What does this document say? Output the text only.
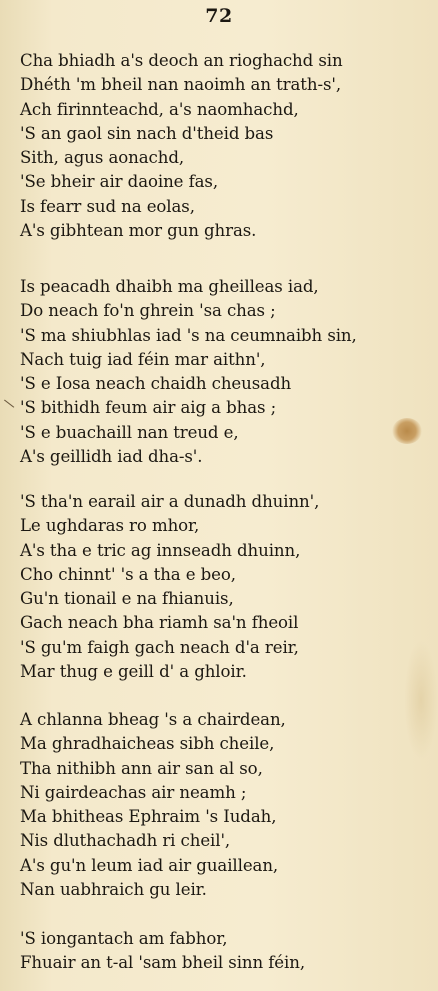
\
72
Cha bhiadh a's deoch an rioghachd sin
Dhéth 'm bheil nan naoimh an trath-s',
Ach firinnteachd, a's naomhachd,
'S an gaol sin nach d'theid bas
Sith, agus aonachd,
'Se bheir air daoine fas,
Is fearr sud na eolas,
A's gibhtean mor gun ghras.
Is peacadh dhaibh ma gheilleas iad,
Do neach fo'n ghrein 'sa chas ;
'S ma shiubhlas iad 's na ceumnaibh sin,
Nach tuig iad féin mar aithn',
'S e Iosa neach chaidh cheusadh
'S bithidh feum air aig a bhas ;
'S e buachaill nan treud e,
A's geillidh iad dha-s'.
'S tha'n earail air a dunadh dhuinn',
Le ughdaras ro mhor,
A's tha e tric ag innseadh dhuinn,
Cho chinnt' 's a tha e beo,
Gu'n tionail e na fhianuis,
Gach neach bha riamh sa'n fheoil
'S gu'm faigh gach neach d'a reir,
Mar thug e geill d' a ghloir.
A chlanna bheag 's a chairdean,
Ma ghradhaicheas sibh cheile,
Tha nithibh ann air san al so,
Ni gairdeachas air neamh ;
Ma bhitheas Ephraim 's Iudah,
Nis dluthachadh ri cheil',
A's gu'n leum iad air guaillean,
Nan uabhraich gu leir.
'S iongantach am fabhor,
Fhuair an t-al 'sam bheil sinn féin,
